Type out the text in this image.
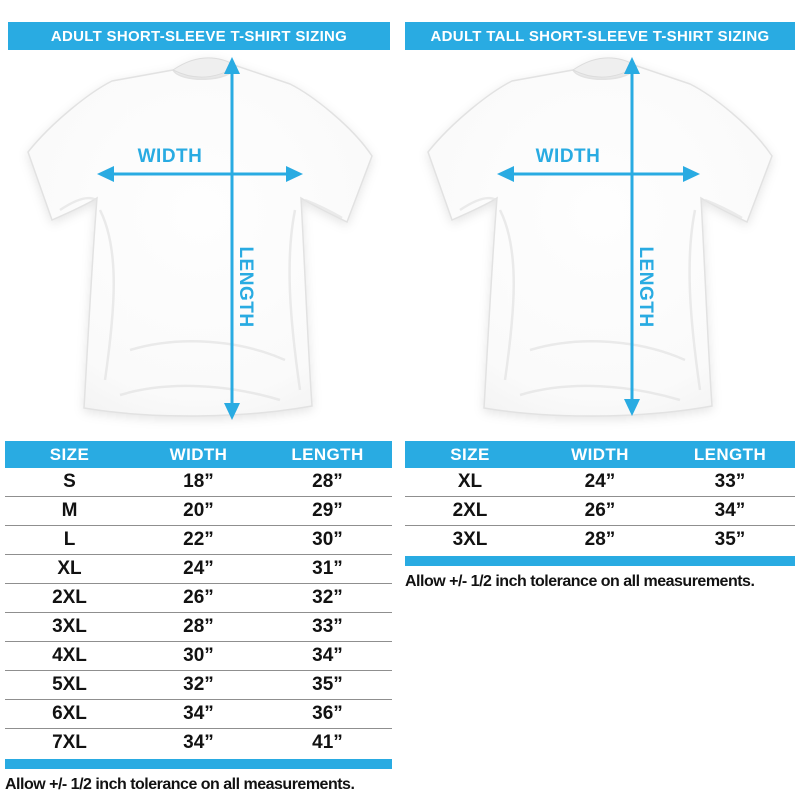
ADULT SHORT-SLEEVE T-SHIRT SIZING
WIDTH
LENGTH
SIZE	WIDTH	LENGTH
S	18”	28”
M	20”	29”
L	22”	30”
XL	24”	31”
2XL	26”	32”
3XL	28”	33”
4XL	30”	34”
5XL	32”	35”
6XL	34”	36”
7XL	34”	41”

Allow +/- 1/2 inch tolerance on all measurements.

ADULT TALL SHORT-SLEEVE T-SHIRT SIZING
WIDTH
LENGTH
SIZE	WIDTH	LENGTH
XL	24”	33”
2XL	26”	34”
3XL	28”	35”

Allow +/- 1/2 inch tolerance on all measurements.
